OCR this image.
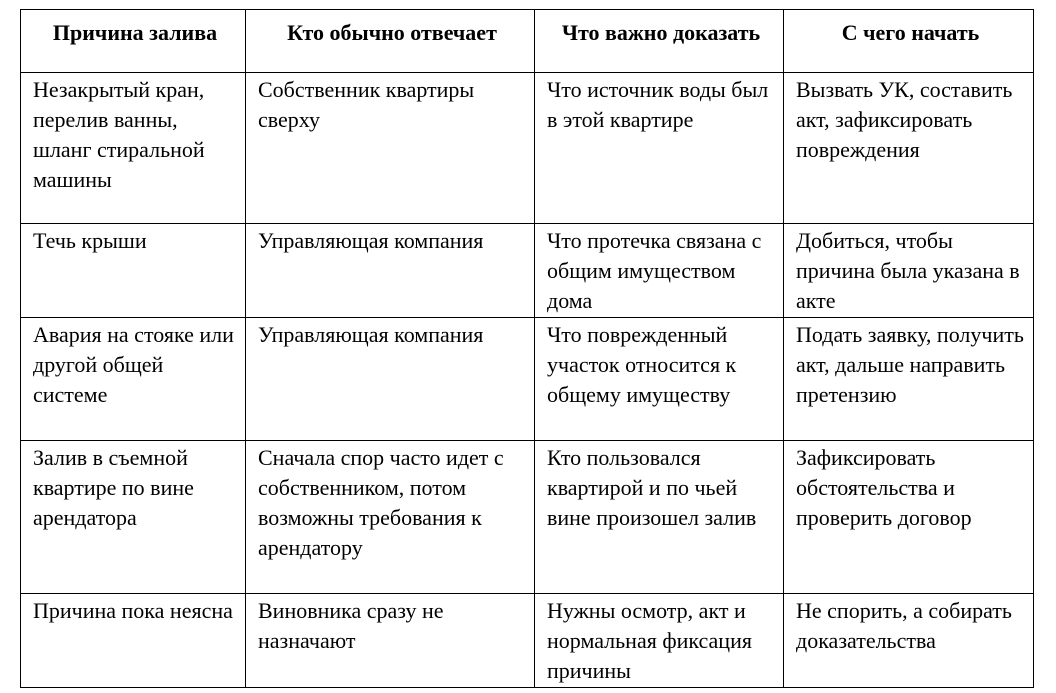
Причина залива	Кто обычно отвечает	Что важно доказать	С чего начать
Незакрытый кран, перелив ванны, шланг стиральной машины	Собственник квартиры сверху	Что источник воды был в этой квартире	Вызвать УК, составить акт, зафиксировать повреждения
Течь крыши	Управляющая компания	Что протечка связана с общим имуществом дома	Добиться, чтобы причина была указана в акте
Авария на стояке или другой общей системе	Управляющая компания	Что поврежденный участок относится к общему имуществу	Подать заявку, получить акт, дальше направить претензию
Залив в съемной квартире по вине арендатора	Сначала спор часто идет с собственником, потом возможны требования к арендатору	Кто пользовался квартирой и по чьей вине произошел залив	Зафиксировать обстоятельства и проверить договор
Причина пока неясна	Виновника сразу не назначают	Нужны осмотр, акт и нормальная фиксация причины	Не спорить, а собирать доказательства
